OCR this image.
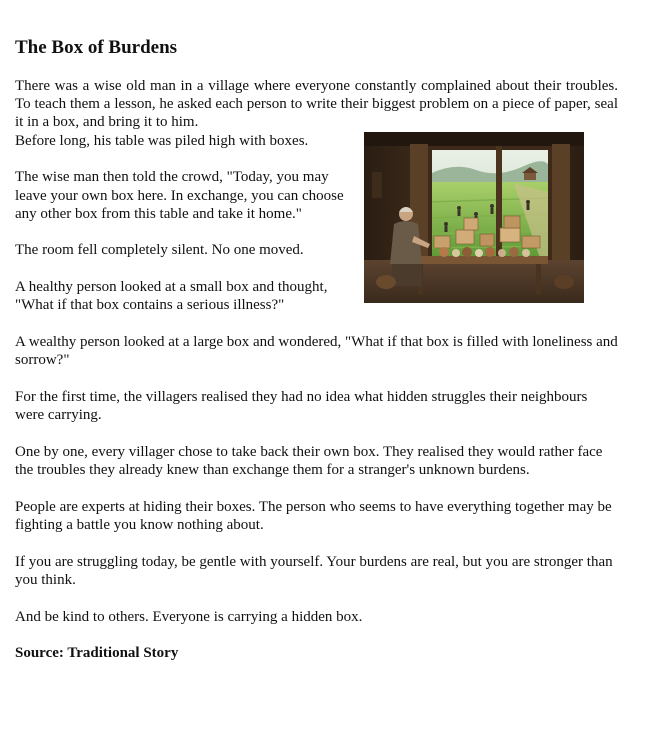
The Box of Burdens

There was a wise old man in a village where everyone constantly complained about their troubles. To teach them a lesson, he asked each person to write their biggest problem on a piece of paper, seal it in a box, and bring it to him.

Before long, his table was piled high with boxes.

The wise man then told the crowd, "Today, you may leave your own box here. In exchange, you can choose any other box from this table and take it home."

The room fell completely silent. No one moved.

A healthy person looked at a small box and thought, "What if that box contains a serious illness?"

A wealthy person looked at a large box and wondered, "What if that box is filled with loneliness and sorrow?"

For the first time, the villagers realised they had no idea what hidden struggles their neighbours were carrying.

One by one, every villager chose to take back their own box. They realised they would rather face the troubles they already knew than exchange them for a stranger's unknown burdens.

People are experts at hiding their boxes. The person who seems to have everything together may be fighting a battle you know nothing about.

If you are struggling today, be gentle with yourself. Your burdens are real, but you are stronger than you think.

And be kind to others. Everyone is carrying a hidden box.

Source: Traditional Story
